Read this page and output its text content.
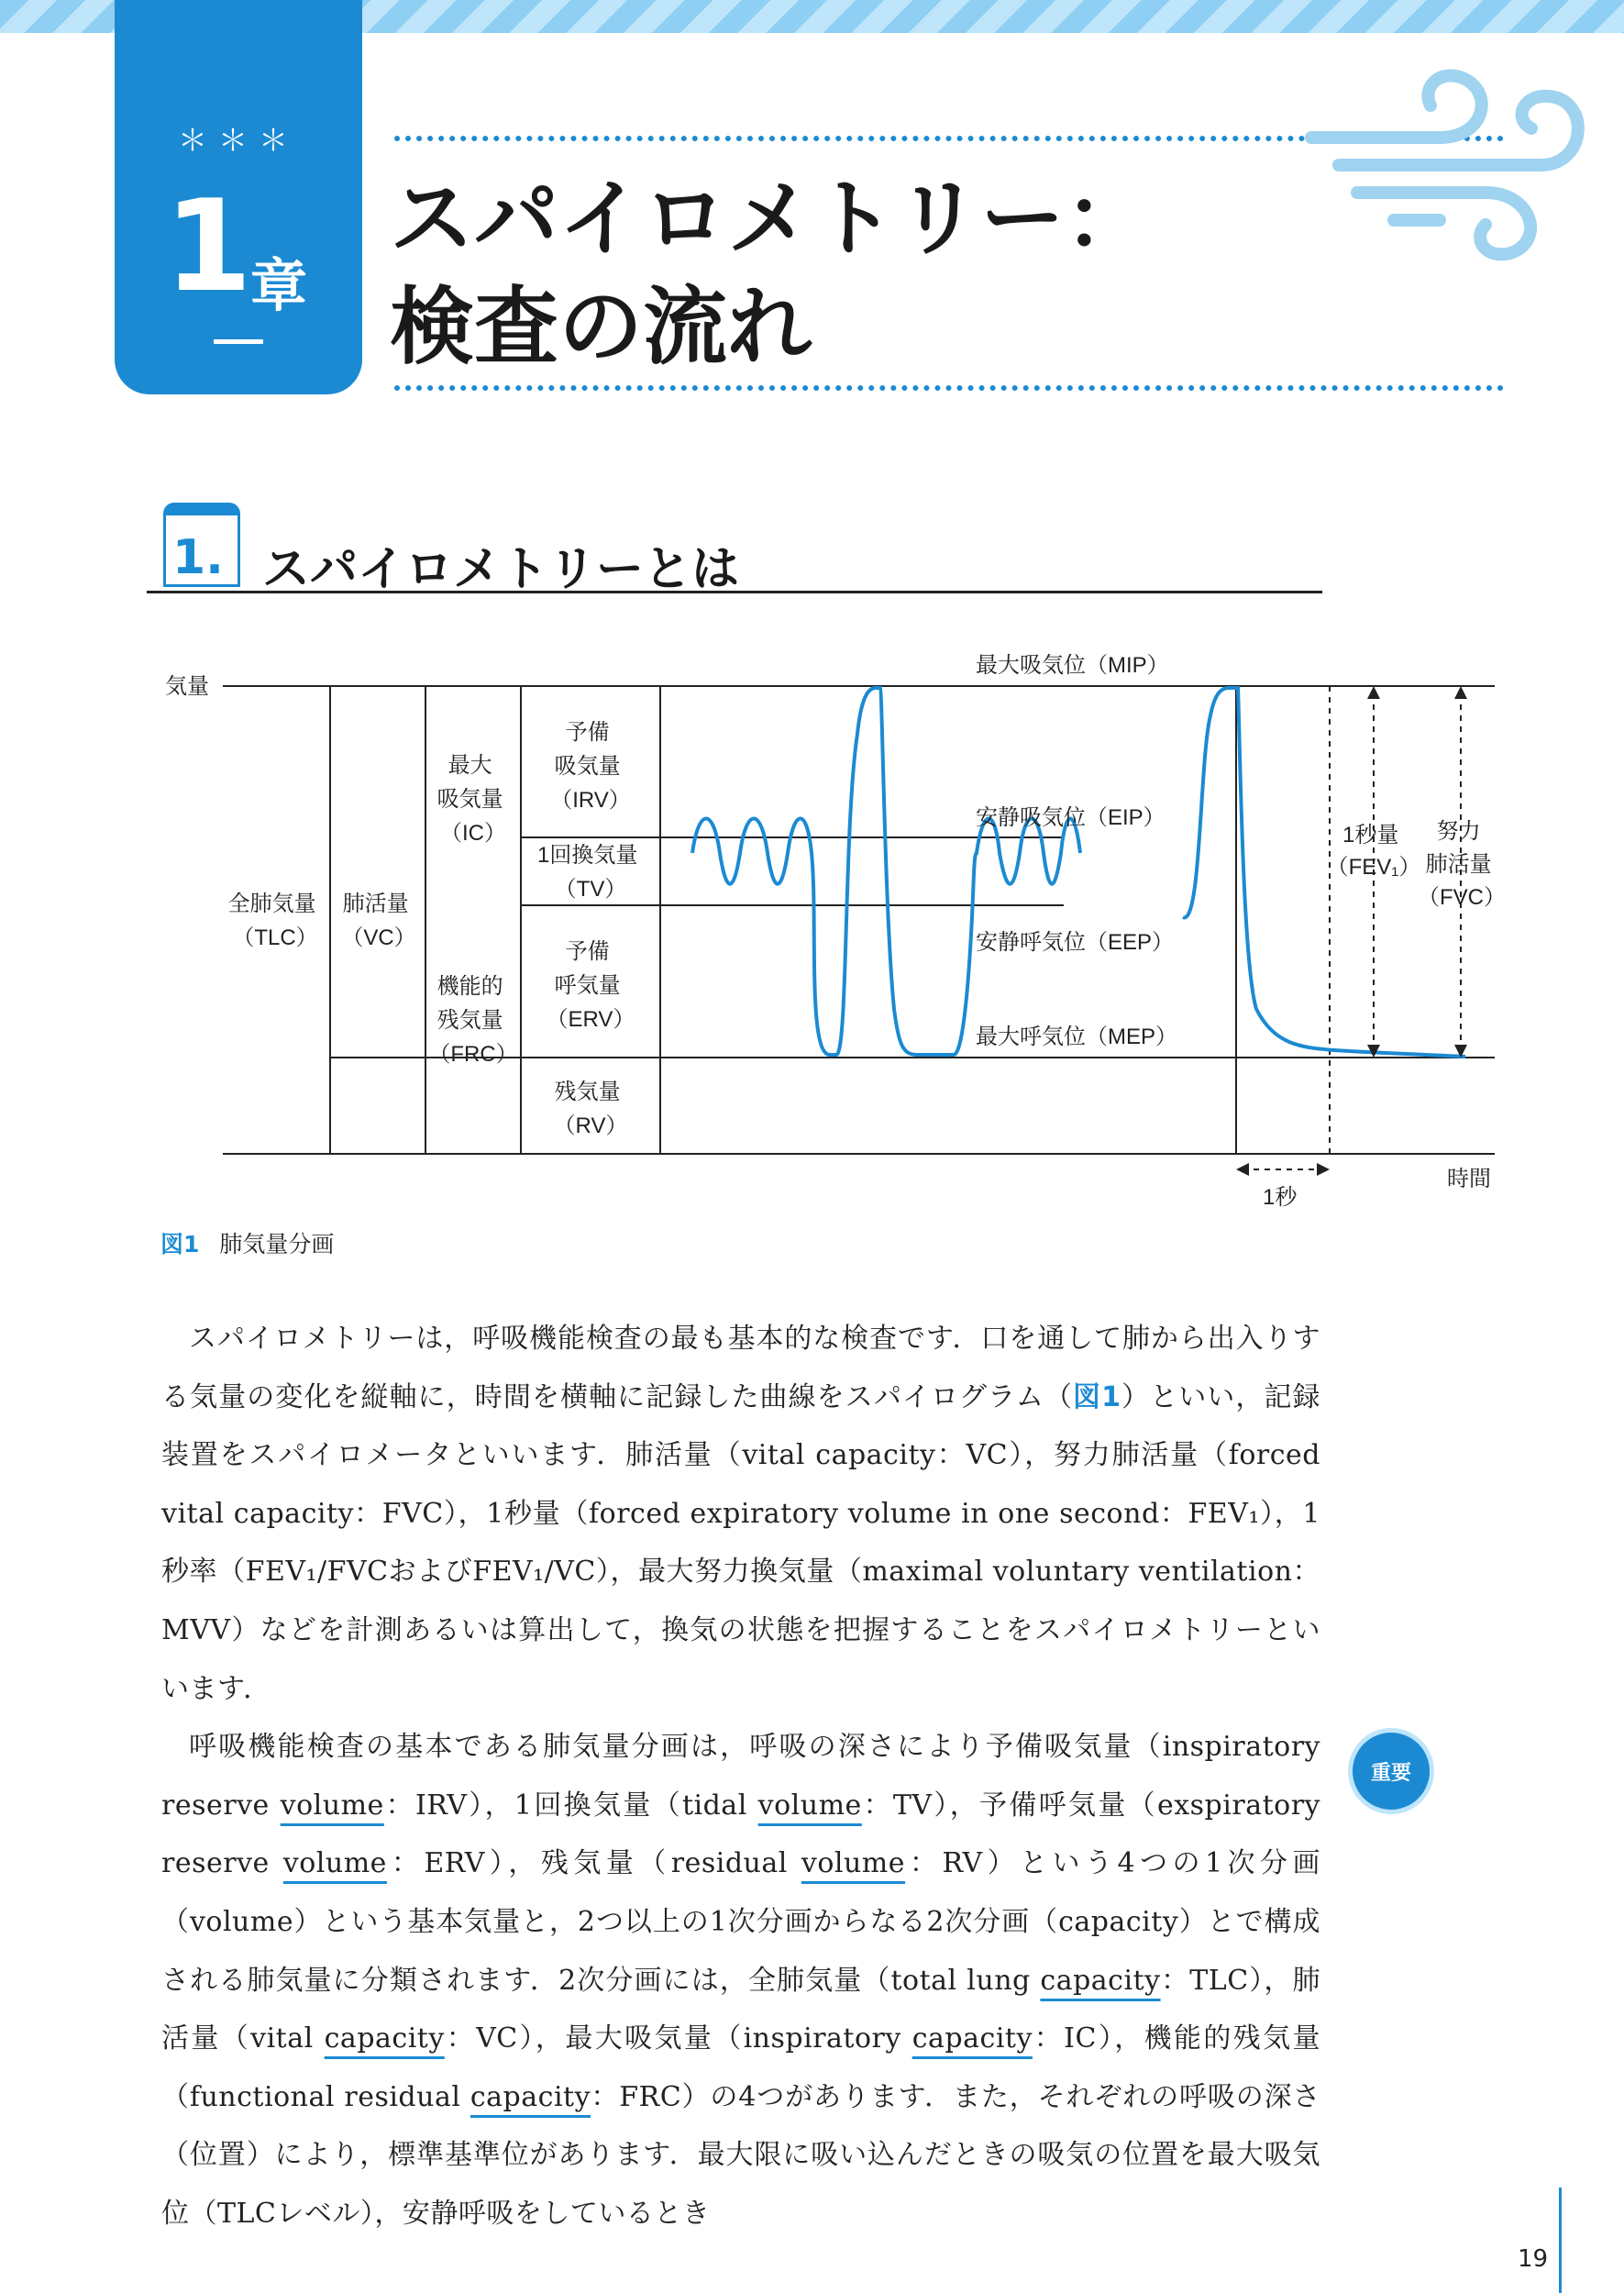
＊＊＊
1
章
スパイロメトリー：
検査の流れ
1. スパイロメトリーとは
気量
時間
1秒
全肺気量 （TLC）
肺活量 （VC）
最大 吸気量 （IC）
機能的 残気量 （FRC）
予備 吸気量 （IRV）
1回換気量 （TV）
予備 呼気量 （ERV）
残気量 （RV）
最大吸気位（MIP）
安静吸気位（EIP）
安静呼気位（EEP）
最大呼気位（MEP）
1秒量 （FEV₁）
努力 肺活量 （FVC）
図1 肺気量分画

スパイロメトリーは，呼吸機能検査の最も基本的な検査です．口を通して肺から出入りする気量の変化を縦軸に，時間を横軸に記録した曲線をスパイログラム（図1）といい，記録装置をスパイロメータといいます．肺活量（vital capacity：VC），努力肺活量（forced vital capacity：FVC），1秒量（forced expiratory volume in one second：FEV₁），1秒率（FEV₁/FVCおよびFEV₁/VC），最大努力換気量（maximal voluntary ventilation：MVV）などを計測あるいは算出して，換気の状態を把握することをスパイロメトリーといいます．

呼吸機能検査の基本である肺気量分画は，呼吸の深さにより予備吸気量（inspiratory reserve volume：IRV），1回換気量（tidal volume：TV），予備呼気量（exspiratory reserve volume：ERV），残気量（residual volume：RV）という4つの1次分画（volume）という基本気量と，2つ以上の1次分画からなる2次分画（capacity）とで構成される肺気量に分類されます．2次分画には，全肺気量（total lung capacity：TLC），肺活量（vital capacity：VC），最大吸気量（inspiratory capacity：IC），機能的残気量（functional residual capacity：FRC）の4つがあります．また，それぞれの呼吸の深さ（位置）により，標準基準位があります．最大限に吸い込んだときの吸気の位置を最大吸気位（TLCレベル），安静呼吸をしているとき

重要
19
